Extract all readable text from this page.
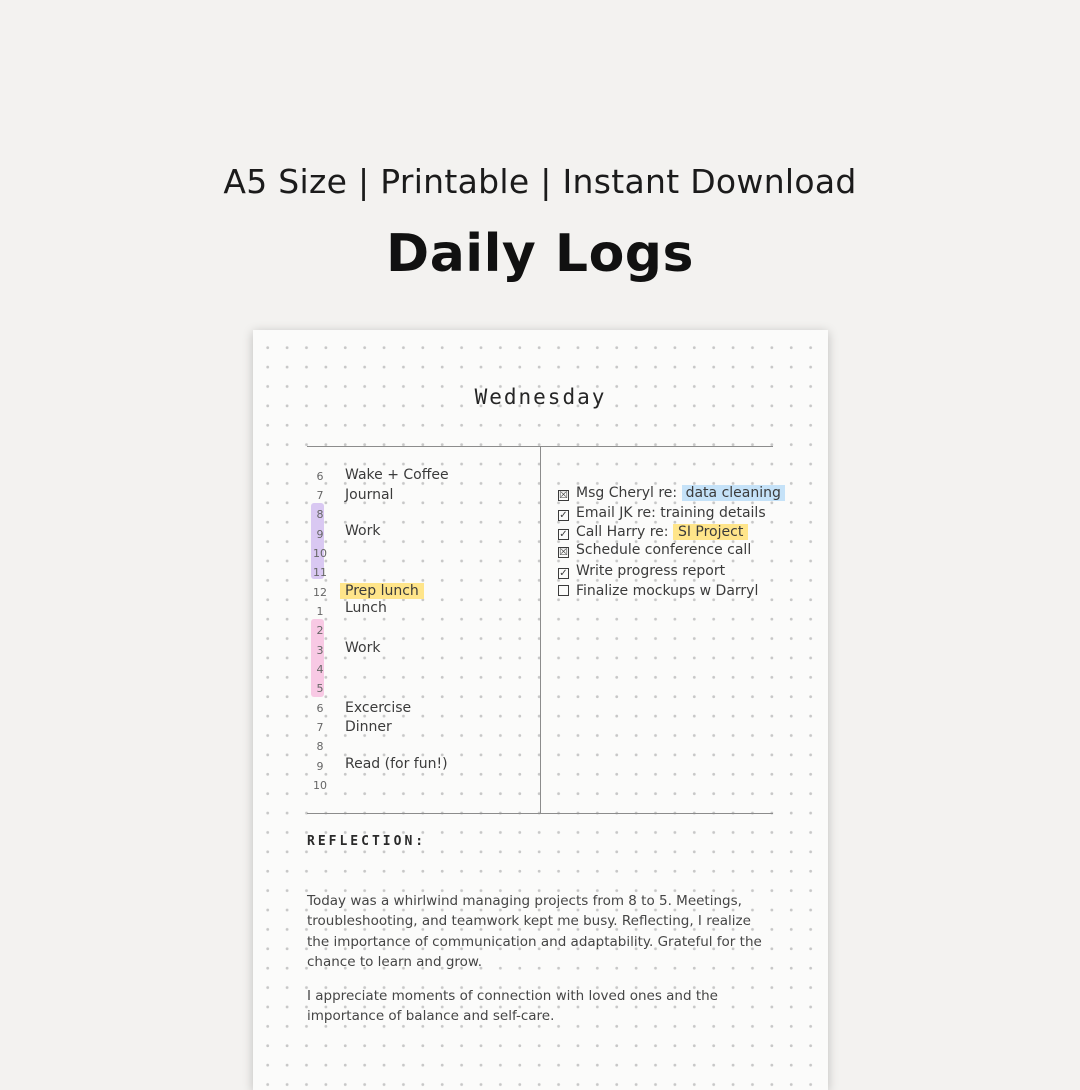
A5 Size | Printable | Instant Download
Daily Logs
Wednesday
6
7
8
9
10
11
12
1
2
3
4
5
6
7
8
9
10
Wake + Coffee
Journal
Work
Prep lunch
Lunch
Work
Excercise
Dinner
Read (for fun!)
☒ Msg Cheryl re: data cleaning
✓ Email JK re: training details
✓ Call Harry re: SI Project
☒ Schedule conference call
✓ Write progress report
Finalize mockups w Darryl
REFLECTION:
Today was a whirlwind managing projects from 8 to 5. Meetings, troubleshooting, and teamwork kept me busy. Reflecting, I realize the importance of communication and adaptability. Grateful for the chance to learn and grow.
I appreciate moments of connection with loved ones and the importance of balance and self-care.
